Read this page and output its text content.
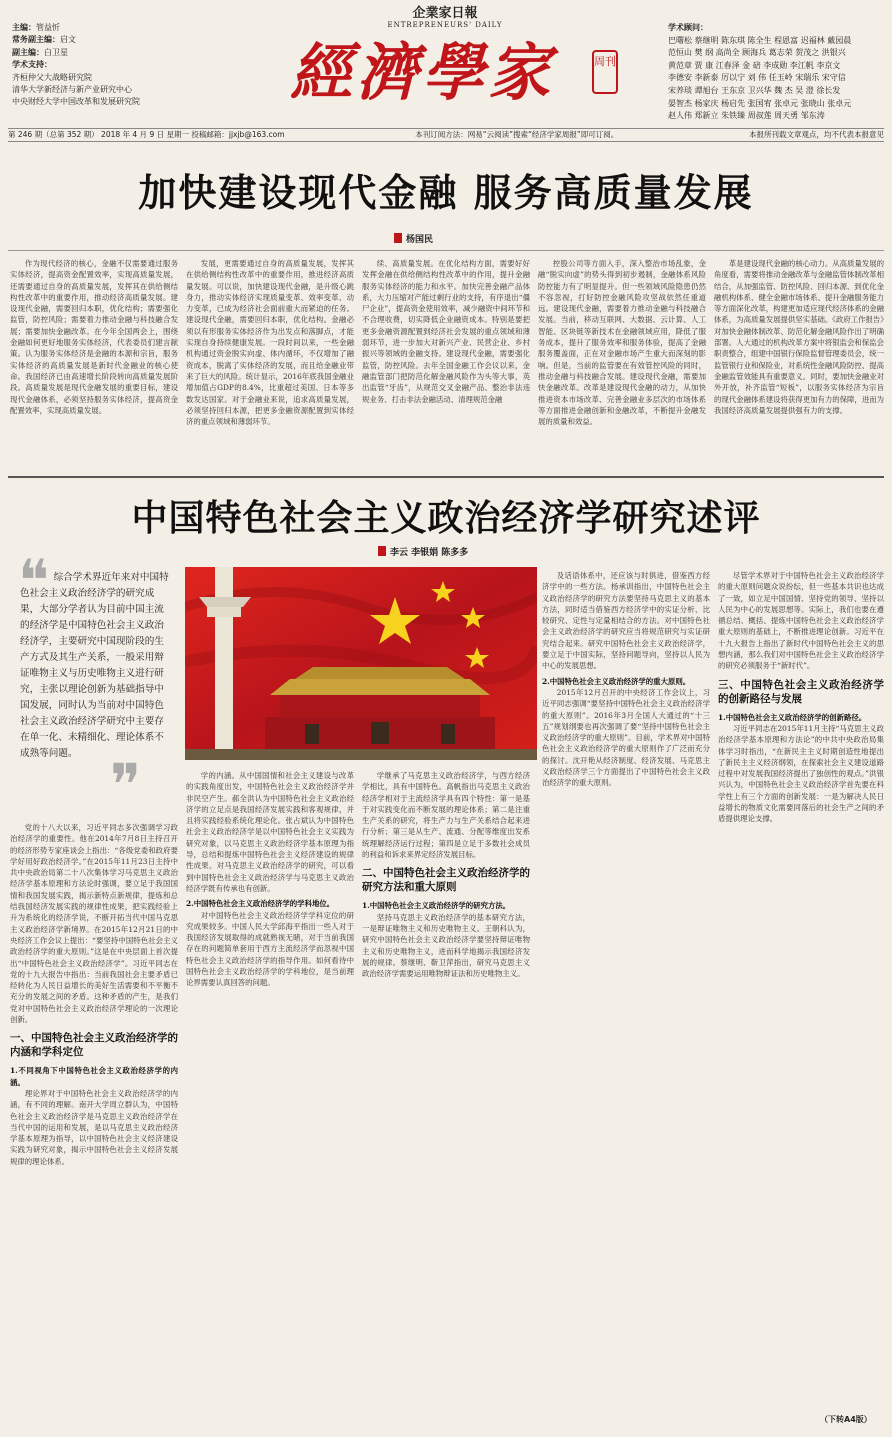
企業家日報
ENTREPRENEURS' DAILY
主编：管益忻
常务副主编：启文
副主编：白卫星
学术支持：
齐桓仲父大战略研究院
清华大学新经济与新产业研究中心
中央财经大学中国改革和发展研究院 經濟學家	周刊
学术顾问：
巴曙松 蔡继明 陈东琪 陈全生 程恩富 迟福林 戴园晨
范恒山 樊 纲 高尚全 顾海兵 葛志荣 贺茂之 洪银兴
黄范章 贾 康 江春泽 金 碚 李成勋 李江帆 李京文
李德安 李新泰 厉以宁 刘 伟 任玉岭 宋瑞乐 宋守信
宋养琰 谭旭台 王东京 卫兴华 魏 杰 吴 澄 徐长发
晏智杰 杨家庆 杨启先 张国宥 张卓元 张晓山 张卓元
赵人伟 郑新立 朱铁臻 周叔莲 周天勇 邹东涛
第 246 期（总第 352 期） 2018 年 4 月 9 日 星期一 投稿邮箱：jjxjb@163.com	本刊订阅方法：网易“云阅读”搜索“经济学家周报”即可订阅。	本报所刊载文章观点，均不代表本报意见
加快建设现代金融 服务高质量发展
杨国民

作为现代经济的核心，金融不仅需要通过服务实体经济，提高资金配置效率，实现高质量发展，还需要通过自身的高质量发展，发挥其在供给侧结构性改革中的重要作用，推动经济高质量发展。建设现代金融，需要回归本职，优化结构；需要强化监管，防控风险；需要着力推动金融与科技融合发展；需要加快金融改革。在今年全国两会上，围绕金融如何更好地服务实体经济，代表委员们建言献策。认为服务实体经济是金融的本源和宗旨，服务实体经济的高质量发展是新时代金融业的核心使命。我国经济已由高速增长阶段转向高质量发展阶段。高质量发展是现代金融发展的重要目标，建设现代金融体系，必须坚持服务实体经济，提高资金配置效率，实现高质量发展。

发展，更需要通过自身的高质量发展，发挥其在供给侧结构性改革中的重要作用，推进经济高质量发展。可以说，加快建设现代金融，是升级心跳身力，推动实体经济实现质量变革、效率变革、动力变革，已成为经济社会面前重大而紧迫的任务。建设现代金融，需要回归本职，优化结构。金融必须以有形服务实体经济作为出发点和落脚点，才能实现自身持续健康发展。一段时间以来，一些金融机构通过资金脱实向虚、体内循环，不仅增加了融资成本，脱离了实体经济的发展，而且给金融业带来了巨大的风险。统计显示，2016年底我国金融业增加值占GDP的8.4%，比重超过美国、日本等多数发达国家。对于金融业来说，追求高质量发展，必须坚持回归本源，把更多金融资源配置到实体经济的重点领域和薄弱环节。

续、高质量发展。在优化结构方面，需要好好发挥金融在供给侧结构性改革中的作用，提升金融服务实体经济的能力和水平。加快完善金融产品体系，大力压缩对产能过剩行业的支持，有序退出“僵尸企业”，提高资金使用效率，减少融资中间环节和不合理收费，切实降低企业融资成本。特别是要把更多金融资源配置到经济社会发展的重点领域和薄弱环节，进一步加大对新兴产业、民营企业、乡村振兴等领域的金融支持。建设现代金融，需要强化监管，防控风险。去年全国金融工作会议以来，金融监管部门把防范化解金融风险作为头等大事，英出监管“牙齿”，从规范交叉金融产品、整治非法违规业务、打击非法金融活动、清理规范金融

控股公司等方面入手，深入整治市场乱象，金融“脱实向虚”的势头得到初步遏制，金融体系风险防控能力有了明显提升。但一些领域风险隐患仍然不容忽视，打好防控金融风险攻坚战依然任重道远。建设现代金融，需要着力推动金融与科技融合发展。当前，移动互联网、大数据、云计算、人工智能、区块链等新技术在金融领域应用，降低了服务成本，提升了服务效率和服务体验，提高了金融服务覆盖面，正在对金融市场产生重大而深刻的影响。但是，当前的监管要在有效管控风险的同时，推动金融与科技融合发展。建设现代金融，需要加快金融改革。改革是建设现代金融的动力，从加快推进资本市场改革、完善金融业多层次的市场体系等方面推进金融创新和金融改革，不断提升金融发展的质量和效益。

革是建设现代金融的核心动力。从高质量发展的角度看，需要将推动金融改革与金融监管体制改革相结合，从加强监管、防控风险、回归本源、到优化金融机构体系、健全金融市场体系、提升金融服务能力等方面深化改革，构建更加适应现代经济体系的金融体系，为高质量发展提供坚实基础。《政府工作报告》对加快金融体制改革、防范化解金融风险作出了明确部署。人大通过的机构改革方案中将银监会和保监会职责整合，组建中国银行保险监督管理委员会，统一监管银行业和保险业，对系统性金融风险防控、提高金融监管效能具有重要意义。同时，要加快金融业对外开放，补齐监管“短板”，以服务实体经济为宗旨的现代金融体系建设将获得更加有力的保障，进而为我国经济高质量发展提供强有力的支撑。

中国特色社会主义政治经济学研究述评
李云 李银娟 陈多多
❝ 综合学术界近年来对中国特色社会主义政治经济学的研究成果，大部分学者认为目前中国主流的经济学是中国特色社会主义政治经济学，主要研究中国现阶段的生产方式及其生产关系，一般采用辩证唯物主义与历史唯物主义进行研究，主张以理论创新为基础指导中国发展，同时认为当前对中国特色社会主义政治经济学研究中主要存在单一化、未精细化、理论体系不成熟等问题。 ❞

党的十八大以来，习近平同志多次强调学习政治经济学的重要性。他在2014年7月8日主持召开的经济形势专家座谈会上指出：“各级党委和政府要学好用好政治经济学。”在2015年11月23日主持中共中央政治局第二十八次集体学习马克思主义政治经济学基本原理和方法论时强调，要立足于我国国情和我国发展实践，揭示新特点新规律，提炼和总结我国经济发展实践的规律性成果，把实践经验上升为系统化的经济学说，不断开拓当代中国马克思主义政治经济学新境界。在2015年12月21日的中央经济工作会议上提出：“要坚持中国特色社会主义政治经济学的重大原则。”这是在中央层面上首次提出“中国特色社会主义政治经济学”。习近平同志在党的十九大报告中指出：当前我国社会主要矛盾已经转化为人民日益增长的美好生活需要和不平衡不充分的发展之间的矛盾。这种矛盾的产生，是我们党对中国特色社会主义政治经济学理论的一次理论创新。

一、中国特色社会主义政治经济学的内涵和学科定位

1.不同视角下中国特色社会主义政治经济学的内涵。

理论界对于中国特色社会主义政治经济学的内涵，有不同的理解。南开大学周立群认为，中国特色社会主义政治经济学是马克思主义政治经济学在当代中国的运用和发展，是以马克思主义政治经济学基本原理为指导，以中国特色社会主义经济建设实践为研究对象，揭示中国特色社会主义经济发展规律的理论体系。

学的内涵。从中国国情和社会主义建设与改革的实践角度出发，中国特色社会主义政治经济学并非民空产生。郝全洪认为中国特色社会主义政治经济学的立足点是我国经济发展实践和客观规律，并且将实践经验系统化理论化。张占斌认为中国特色社会主义政治经济学是以中国特色社会主义实践为研究对象，以马克思主义政治经济学基本原理为指导，总结和提炼中国特色社会主义经济建设的规律性成果。对马克思主义政治经济学的研究，可以看到中国特色社会主义政治经济学与马克思主义政治经济学既有传承也有创新。

2.中国特色社会主义政治经济学的学科地位。

对中国特色社会主义政治经济学学科定位的研究成果较多。中国人民大学邱海平指出一些人对于我国经济发展取得的成就熟视无睹，对于当前我国存在的问题简单套用于西方主流经济学而忽视中国特色社会主义政治经济学的指导作用。如何看待中国特色社会主义政治经济学的学科地位，是当前理论界需要认真回答的问题。

学继承了马克思主义政治经济学，与西方经济学相比，具有中国特色。高帆指出马克思主义政治经济学相对于主流经济学具有四个特性：第一是基于对实践变化而不断发展的理论体系；第二是注重生产关系的研究，将生产力与生产关系结合起来进行分析；第三是从生产、流通、分配等维度出发系统理解经济运行过程；第四是立足于多数社会成员的利益和诉求来界定经济发展目标。

二、中国特色社会主义政治经济学的研究方法和重大原则

1.中国特色社会主义政治经济学的研究方法。

坚持马克思主义政治经济学的基本研究方法，一是辩证唯物主义和历史唯物主义。王朝科认为，研究中国特色社会主义政治经济学要坚持辩证唯物主义和历史唯物主义，进而科学地揭示我国经济发展的规律。蔡继明、靳卫萍指出，研究马克思主义政治经济学需要运用唯物辩证法和历史唯物主义。

及话语体系中，还应该与时俱进，借鉴西方经济学中的一些方法。杨承训指出，中国特色社会主义政治经济学的研究方法要坚持马克思主义的基本方法，同时适当借鉴西方经济学中的实证分析、比较研究、定性与定量相结合的方法。对中国特色社会主义政治经济学的研究应当将规范研究与实证研究结合起来。研究中国特色社会主义政治经济学，要立足于中国实际，坚持问题导向，坚持以人民为中心的发展思想。

2.中国特色社会主义政治经济学的重大原则。

2015年12月召开的中央经济工作会议上，习近平同志强调“要坚持中国特色社会主义政治经济学的重大原则”。2016年3月全国人大通过的“十三五”规划纲要也再次强调了要“坚持中国特色社会主义政治经济学的重大原则”。目前，学术界对中国特色社会主义政治经济学的重大原则作了广泛而充分的探讨。沈开艳从经济制度、经济发展、马克思主义政治经济学三个方面提出了中国特色社会主义政治经济学的重大原则。

尽管学术界对于中国特色社会主义政治经济学的重大原则问题众说纷纭，但一些基本共识也达成了一致，如立足中国国情、坚持党的领导、坚持以人民为中心的发展思想等。实际上，我们也要在遵循总结、概括、提炼中国特色社会主义政治经济学重大原则的基础上，不断推进理论创新。习近平在十九大报告上指出了新时代中国特色社会主义的思想内涵，那么我们对中国特色社会主义政治经济学的研究必须服务于“新时代”。

三、中国特色社会主义政治经济学的创新路径与发展

1.中国特色社会主义政治经济学的创新路径。

习近平同志在2015年11月主持“马克思主义政治经济学基本原理和方法论”的中共中央政治局集体学习时指出，“在新民主主义时期创造性地提出了新民主主义经济纲领，在探索社会主义建设道路过程中对发展我国经济提出了独创性的观点。”洪银兴认为，中国特色社会主义政治经济学首先要在科学性上有三个方面的创新发展：一是为解决人民日益增长的物质文化需要同落后的社会生产之间的矛盾提供理论支撑。

（下转A4版）
